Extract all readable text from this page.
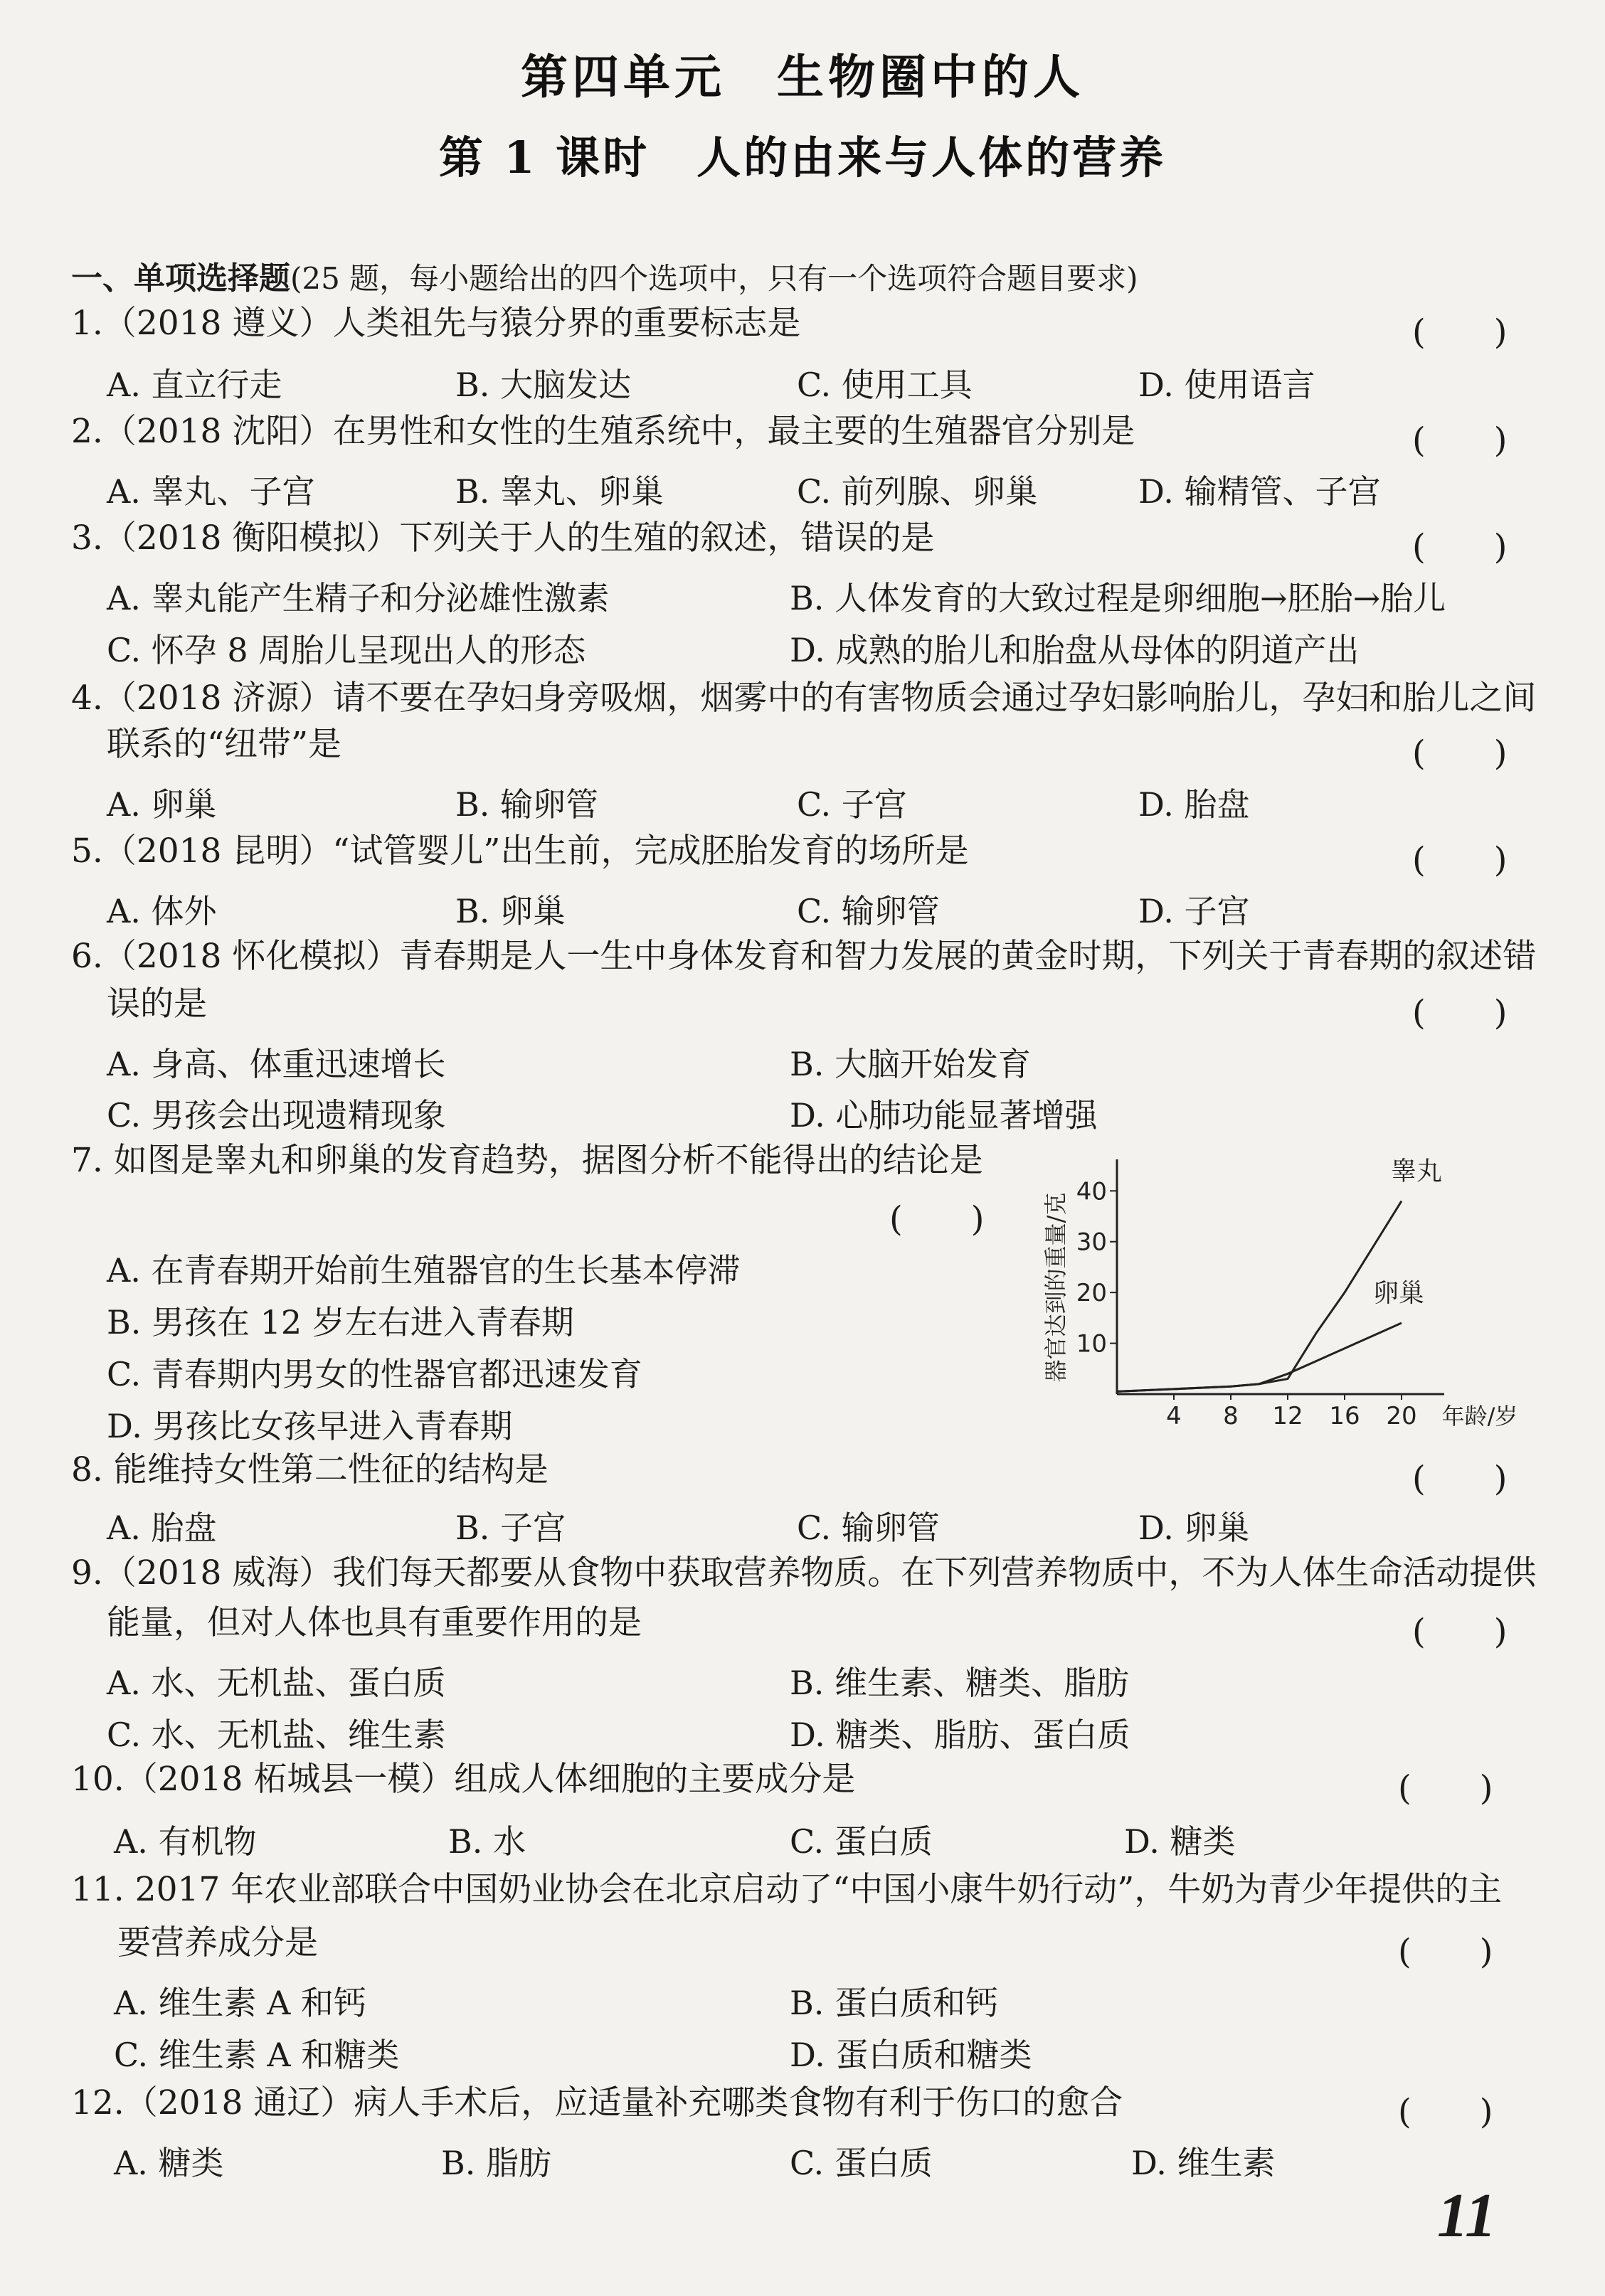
第四单元　生物圈中的人
第 1 课时　人的由来与人体的营养
一、单项选择题(25 题，每小题给出的四个选项中，只有一个选项符合题目要求)
1.（2018 遵义）人类祖先与猿分界的重要标志是	(　　)
A. 直立行走	B. 大脑发达	C. 使用工具	D. 使用语言
2.（2018 沈阳）在男性和女性的生殖系统中，最主要的生殖器官分别是	(　　)
A. 睾丸、子宫	B. 睾丸、卵巢	C. 前列腺、卵巢	D. 输精管、子宫
3.（2018 衡阳模拟）下列关于人的生殖的叙述，错误的是	(　　)
A. 睾丸能产生精子和分泌雄性激素	B. 人体发育的大致过程是卵细胞→胚胎→胎儿
C. 怀孕 8 周胎儿呈现出人的形态	D. 成熟的胎儿和胎盘从母体的阴道产出
4.（2018 济源）请不要在孕妇身旁吸烟，烟雾中的有害物质会通过孕妇影响胎儿，孕妇和胎儿之间
联系的“纽带”是	(　　)
A. 卵巢	B. 输卵管	C. 子宫	D. 胎盘
5.（2018 昆明）“试管婴儿”出生前，完成胚胎发育的场所是	(　　)
A. 体外	B. 卵巢	C. 输卵管	D. 子宫
6.（2018 怀化模拟）青春期是人一生中身体发育和智力发展的黄金时期，下列关于青春期的叙述错
误的是	(　　)
A. 身高、体重迅速增长	B. 大脑开始发育
C. 男孩会出现遗精现象	D. 心肺功能显著增强
7. 如图是睾丸和卵巢的发育趋势，据图分析不能得出的结论是
(　　)
A. 在青春期开始前生殖器官的生长基本停滞
B. 男孩在 12 岁左右进入青春期
C. 青春期内男女的性器官都迅速发育
D. 男孩比女孩早进入青春期
10
20
30
40
4 8 12 16 20 年龄/岁
器官达到的重量/克
睾丸
卵巢
8. 能维持女性第二性征的结构是	(　　)
A. 胎盘	B. 子宫	C. 输卵管	D. 卵巢
9.（2018 威海）我们每天都要从食物中获取营养物质。在下列营养物质中，不为人体生命活动提供
能量，但对人体也具有重要作用的是	(　　)
A. 水、无机盐、蛋白质	B. 维生素、糖类、脂肪
C. 水、无机盐、维生素	D. 糖类、脂肪、蛋白质
10.（2018 柘城县一模）组成人体细胞的主要成分是	(　　)
A. 有机物	B. 水	C. 蛋白质	D. 糖类
11. 2017 年农业部联合中国奶业协会在北京启动了“中国小康牛奶行动”，牛奶为青少年提供的主
要营养成分是	(　　)
A. 维生素 A 和钙	B. 蛋白质和钙
C. 维生素 A 和糖类	D. 蛋白质和糖类
12.（2018 通辽）病人手术后，应适量补充哪类食物有利于伤口的愈合	(　　)
A. 糖类	B. 脂肪	C. 蛋白质	D. 维生素
11
